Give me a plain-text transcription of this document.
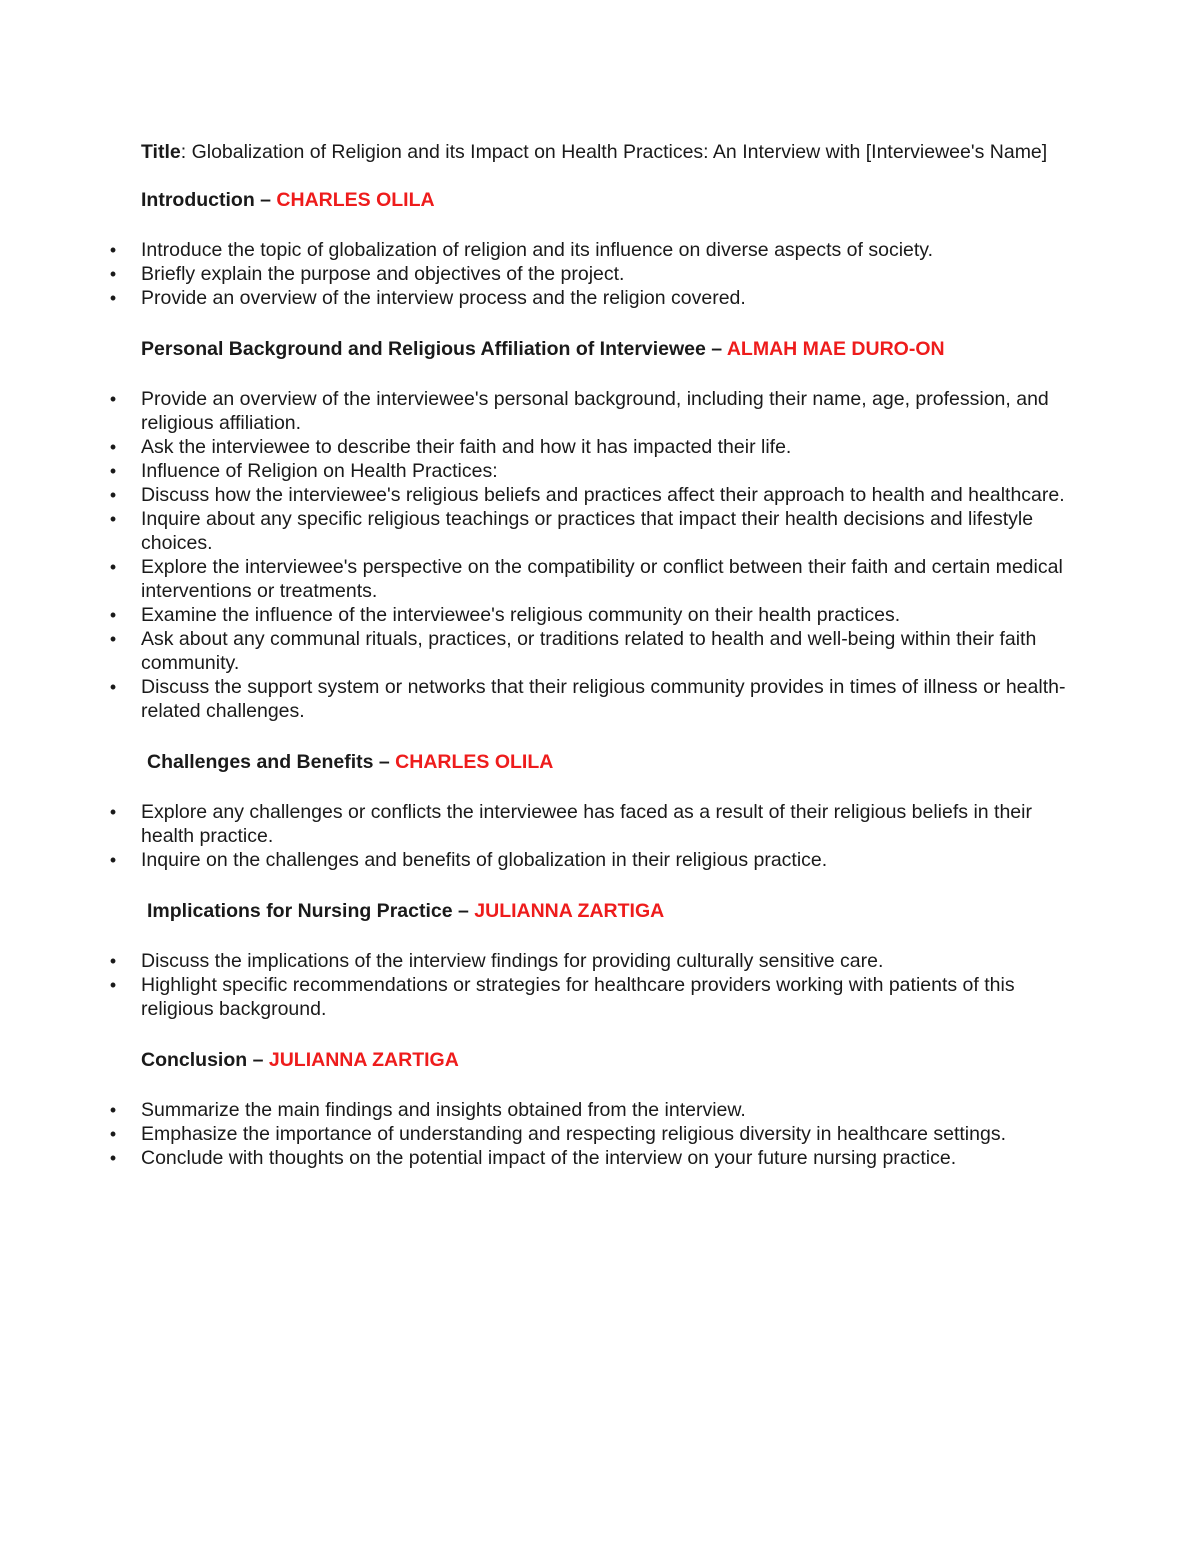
Title: Globalization of Religion and its Impact on Health Practices: An Interview with [Interviewee's Name]
Introduction – CHARLES OLILA
• Introduce the topic of globalization of religion and its influence on diverse aspects of society.
• Briefly explain the purpose and objectives of the project.
• Provide an overview of the interview process and the religion covered.
Personal Background and Religious Affiliation of Interviewee – ALMAH MAE DURO-ON
• Provide an overview of the interviewee's personal background, including their name, age, profession, and religious affiliation.
• Ask the interviewee to describe their faith and how it has impacted their life.
• Influence of Religion on Health Practices:
• Discuss how the interviewee's religious beliefs and practices affect their approach to health and healthcare.
• Inquire about any specific religious teachings or practices that impact their health decisions and lifestyle choices.
• Explore the interviewee's perspective on the compatibility or conflict between their faith and certain medical interventions or treatments.
• Examine the influence of the interviewee's religious community on their health practices.
• Ask about any communal rituals, practices, or traditions related to health and well-being within their faith community.
• Discuss the support system or networks that their religious community provides in times of illness or health-related challenges.
Challenges and Benefits – CHARLES OLILA
• Explore any challenges or conflicts the interviewee has faced as a result of their religious beliefs in their health practice.
• Inquire on the challenges and benefits of globalization in their religious practice.
Implications for Nursing Practice – JULIANNA ZARTIGA
• Discuss the implications of the interview findings for providing culturally sensitive care.
• Highlight specific recommendations or strategies for healthcare providers working with patients of this religious background.
Conclusion – JULIANNA ZARTIGA
• Summarize the main findings and insights obtained from the interview.
• Emphasize the importance of understanding and respecting religious diversity in healthcare settings.
• Conclude with thoughts on the potential impact of the interview on your future nursing practice.
